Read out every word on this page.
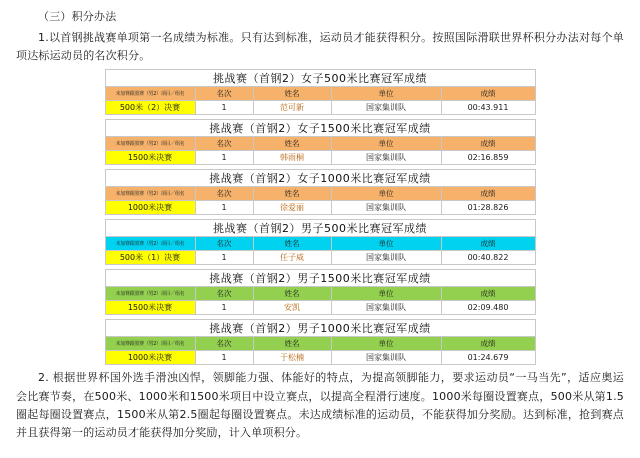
（三）积分办法

1.以首钢挑战赛单项第一名成绩为标准。只有达到标准，运动员才能获得积分。按照国际滑联世界杯积分办法对每个单项达标运动员的名次积分。

挑战赛（首钢2）女子500米比赛冠军成绩				
未加赛跟墨赛（男2）项目／组名	名次	姓名	单位	成绩
500米（2）决赛	1	范可新	国家集训队	00:43.911
挑战赛（首钢2）女子1500米比赛冠军成绩				
未加赛跟墨赛（男2）项目／组名	名次	姓名	单位	成绩
1500米决赛	1	韩雨桐	国家集训队	02:16.859
挑战赛（首钢2）女子1000米比赛冠军成绩				
未加赛跟墨赛（男2）项目／组名	名次	姓名	单位	成绩
1000米决赛	1	徐爱丽	国家集训队	01:28.826
挑战赛（首钢2）男子500米比赛冠军成绩				
未加赛跟墨赛（男2）项目／组名	名次	姓名	单位	成绩
500米（1）决赛	1	任子威	国家集训队	00:40.822
挑战赛（首钢2）男子1500米比赛冠军成绩				
未加赛跟墨赛（男2）项目／组名	名次	姓名	单位	成绩
1500米决赛	1	安凯	国家集训队	02:09.480
挑战赛（首钢2）男子1000米比赛冠军成绩				
未加赛跟墨赛（男2）项目／组名	名次	姓名	单位	成绩
1000米决赛	1	于松楠	国家集训队	01:24.679

2. 根据世界杯国外选手滑浊凶悍，领脚能力强、体能好的特点，为提高领脚能力，要求运动员“一马当先”，适应奥运会比赛节奏，在500米、1000米和1500米项目中设立赛点，以提高全程滑行速度。1000米每圈设置赛点，500米从第1.5圈起每圈设置赛点，1500米从第2.5圈起每圈设置赛点。未达成绩标准的运动员，不能获得加分奖励。达到标准，抢到赛点并且获得第一的运动员才能获得加分奖励，计入单项积分。
